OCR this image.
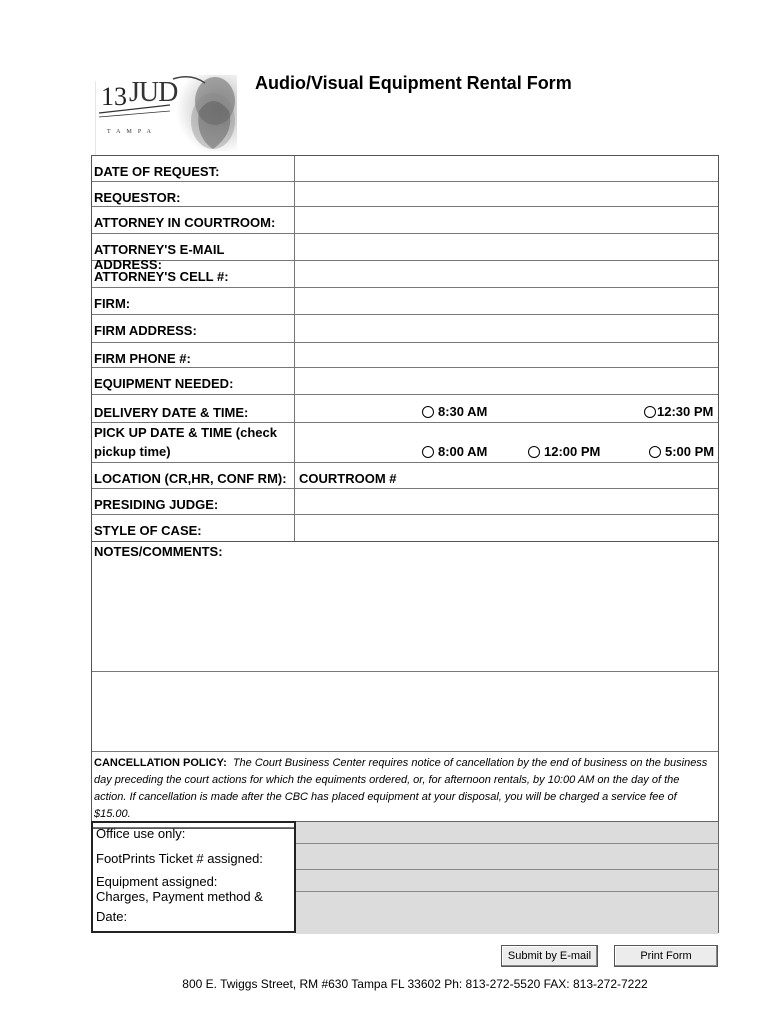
13 JUD
TAMPA
Audio/Visual Equipment Rental Form
DATE OF REQUEST:
REQUESTOR:
ATTORNEY IN COURTROOM:
ATTORNEY'S E-MAIL ADDRESS:
ATTORNEY'S CELL #:
FIRM:
FIRM ADDRESS:
FIRM PHONE #:
EQUIPMENT NEEDED:
DELIVERY DATE & TIME:	8:30 AM	12:30 PM
PICK UP DATE & TIME (check
pickup time)	8:00 AM	12:00 PM	5:00 PM
LOCATION (CR,HR, CONF RM): COURTROOM #
PRESIDING JUDGE:
STYLE OF CASE:
NOTES/COMMENTS:
CANCELLATION POLICY: The Court Business Center requires notice of cancellation by the end of business on the business day preceding the court actions for which the equimen​ts ordered, or, for afternoon rentals, by 10:00 AM on the day of the action. If cancellation is made after the CBC has placed equipment at your disposal, you will be charged a service fee of $15.00.
Office use only:
FootPrints Ticket # assigned:
Equipment assigned:
Charges, Payment method &
Date:
Submit by E-mail	Print Form
800 E. Twiggs Street, RM #630 Tampa FL 33602 Ph: 813-272-5520 FAX: 813-272-7222
